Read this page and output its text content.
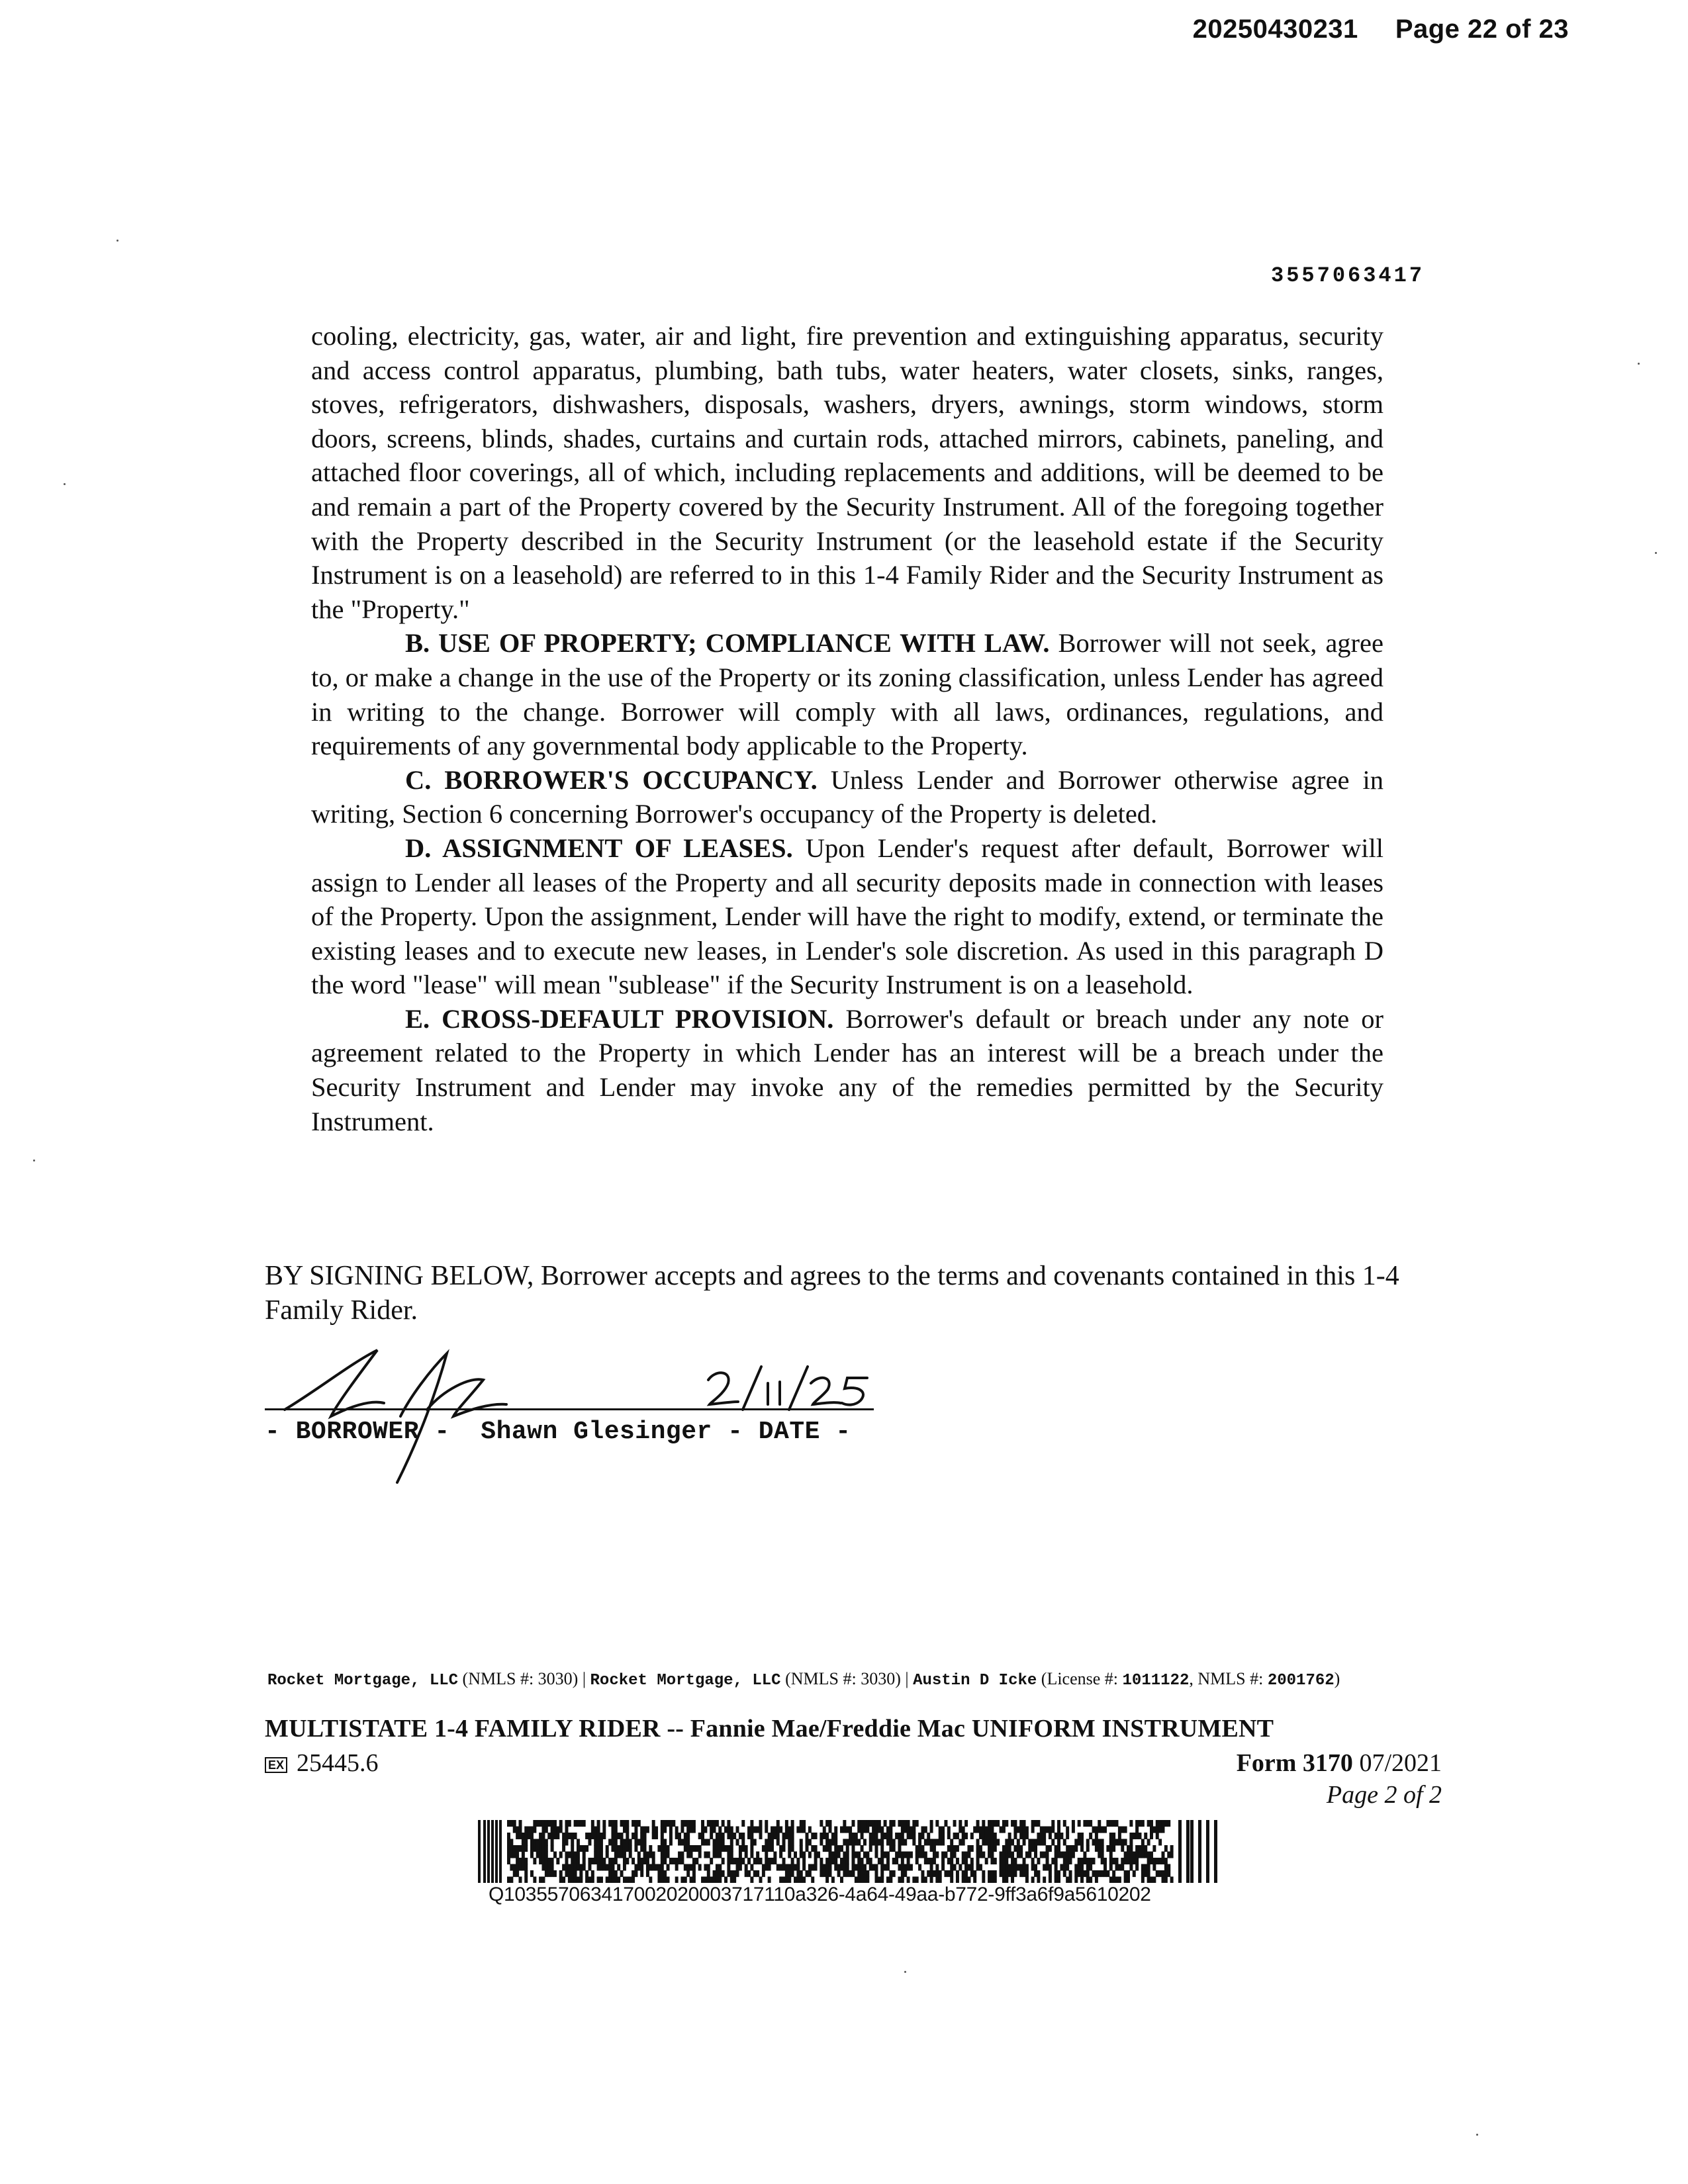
20250430231 Page 22 of 23
3557063417

cooling, electricity, gas, water, air and light, fire prevention and extinguishing apparatus, security and access control apparatus, plumbing, bath tubs, water heaters, water closets, sinks, ranges, stoves, refrigerators, dishwashers, disposals, washers, dryers, awnings, storm windows, storm doors, screens, blinds, shades, curtains and curtain rods, attached mirrors, cabinets, paneling, and attached floor coverings, all of which, including replacements and additions, will be deemed to be and remain a part of the Property covered by the Security Instrument. All of the foregoing together with the Property described in the Security Instrument (or the leasehold estate if the Security Instrument is on a leasehold) are referred to in this 1-4 Family Rider and the Security Instrument as the "Property."

B. USE OF PROPERTY; COMPLIANCE WITH LAW. Borrower will not seek, agree to, or make a change in the use of the Property or its zoning classification, unless Lender has agreed in writing to the change. Borrower will comply with all laws, ordinances, regulations, and requirements of any governmental body applicable to the Property.

C. BORROWER'S OCCUPANCY. Unless Lender and Borrower otherwise agree in writing, Section 6 concerning Borrower's occupancy of the Property is deleted.

D. ASSIGNMENT OF LEASES. Upon Lender's request after default, Borrower will assign to Lender all leases of the Property and all security deposits made in connection with leases of the Property. Upon the assignment, Lender will have the right to modify, extend, or terminate the existing leases and to execute new leases, in Lender's sole discretion. As used in this paragraph D the word "lease" will mean "sublease" if the Security Instrument is on a leasehold.

E. CROSS-DEFAULT PROVISION. Borrower's default or breach under any note or agreement related to the Property in which Lender has an interest will be a breach under the Security Instrument and Lender may invoke any of the remedies permitted by the Security Instrument.

BY SIGNING BELOW, Borrower accepts and agrees to the terms and covenants contained in this 1-4 Family Rider.
- BORROWER - Shawn Glesinger - DATE -
Rocket Mortgage, LLC (NMLS #: 3030) | Rocket Mortgage, LLC (NMLS #: 3030) | Austin D Icke (License #: 1011122, NMLS #: 2001762)
MULTISTATE 1-4 FAMILY RIDER -- Fannie Mae/Freddie Mac UNIFORM INSTRUMENT
EX 25445.6	Form 3170 07/2021
Page 2 of 2
Q103557063417002020003717110a326-4a64-49aa-b772-9ff3a6f9a5610202
